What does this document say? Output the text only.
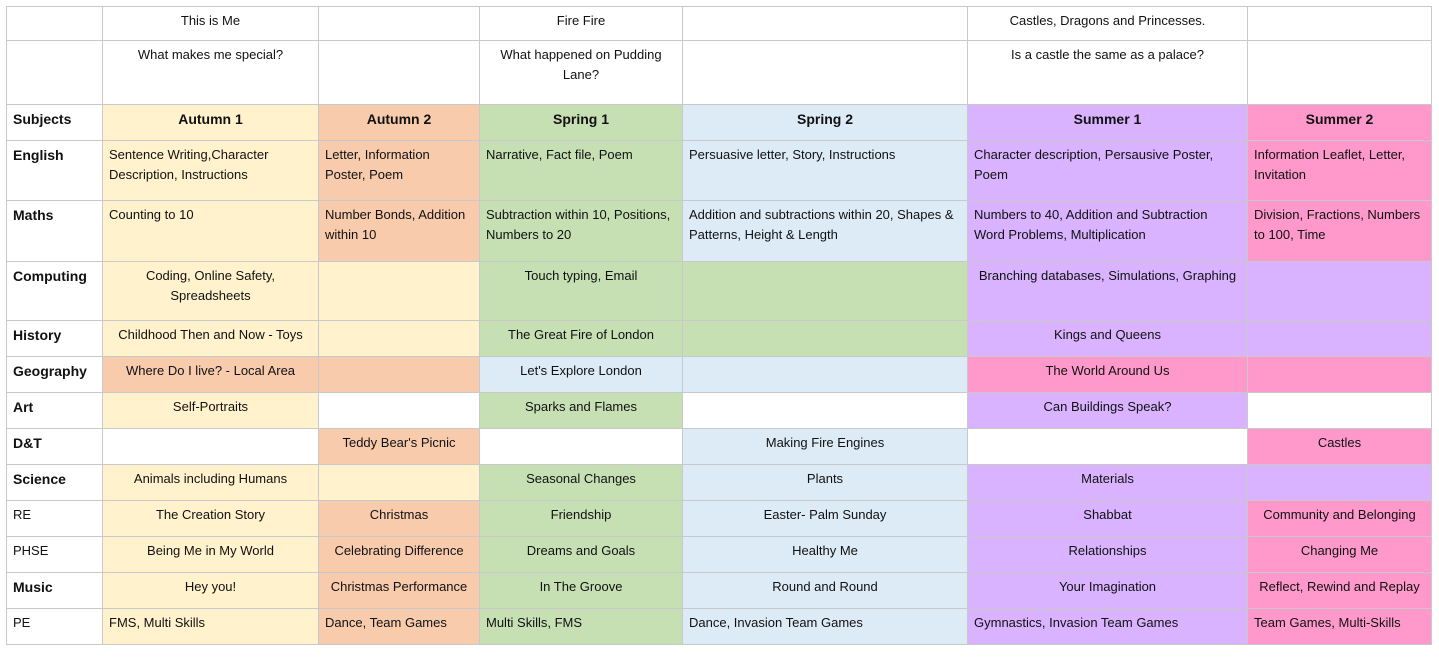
	This is Me		Fire Fire		Castles, Dragons and Princesses.	
	What makes me special?		What happened on Pudding Lane?		Is a castle the same as a palace?	
Subjects	Autumn 1	Autumn 2	Spring 1	Spring 2	Summer 1	Summer 2
English	Sentence Writing,Character Description, Instructions	Letter, Information Poster, Poem	Narrative, Fact file, Poem	Persuasive letter, Story, Instructions	Character description, Persausive Poster, Poem	Information Leaflet, Letter, Invitation
Maths	Counting to 10	Number Bonds, Addition within 10	Subtraction within 10, Positions, Numbers to 20	Addition and subtractions within 20, Shapes & Patterns, Height & Length	Numbers to 40, Addition and Subtraction Word Problems, Multiplication	Division, Fractions, Numbers to 100, Time
Computing	Coding, Online Safety, Spreadsheets		Touch typing, Email		Branching databases, Simulations, Graphing	
History	Childhood Then and Now - Toys		The Great Fire of London		Kings and Queens	
Geography	Where Do I live? - Local Area		Let's Explore London		The World Around Us	
Art	Self-Portraits		Sparks and Flames		Can Buildings Speak?	
D&T		Teddy Bear's Picnic		Making Fire Engines		Castles
Science	Animals including Humans		Seasonal Changes	Plants	Materials	
RE	The Creation Story	Christmas	Friendship	Easter- Palm Sunday	Shabbat	Community and Belonging
PHSE	Being Me in My World	Celebrating Difference	Dreams and Goals	Healthy Me	Relationships	Changing Me
Music	Hey you!	Christmas Performance	In The Groove	Round and Round	Your Imagination	Reflect, Rewind and Replay
PE	FMS, Multi Skills	Dance, Team Games	Multi Skills, FMS	Dance, Invasion Team Games	Gymnastics, Invasion Team Games	Team Games, Multi-Skills
